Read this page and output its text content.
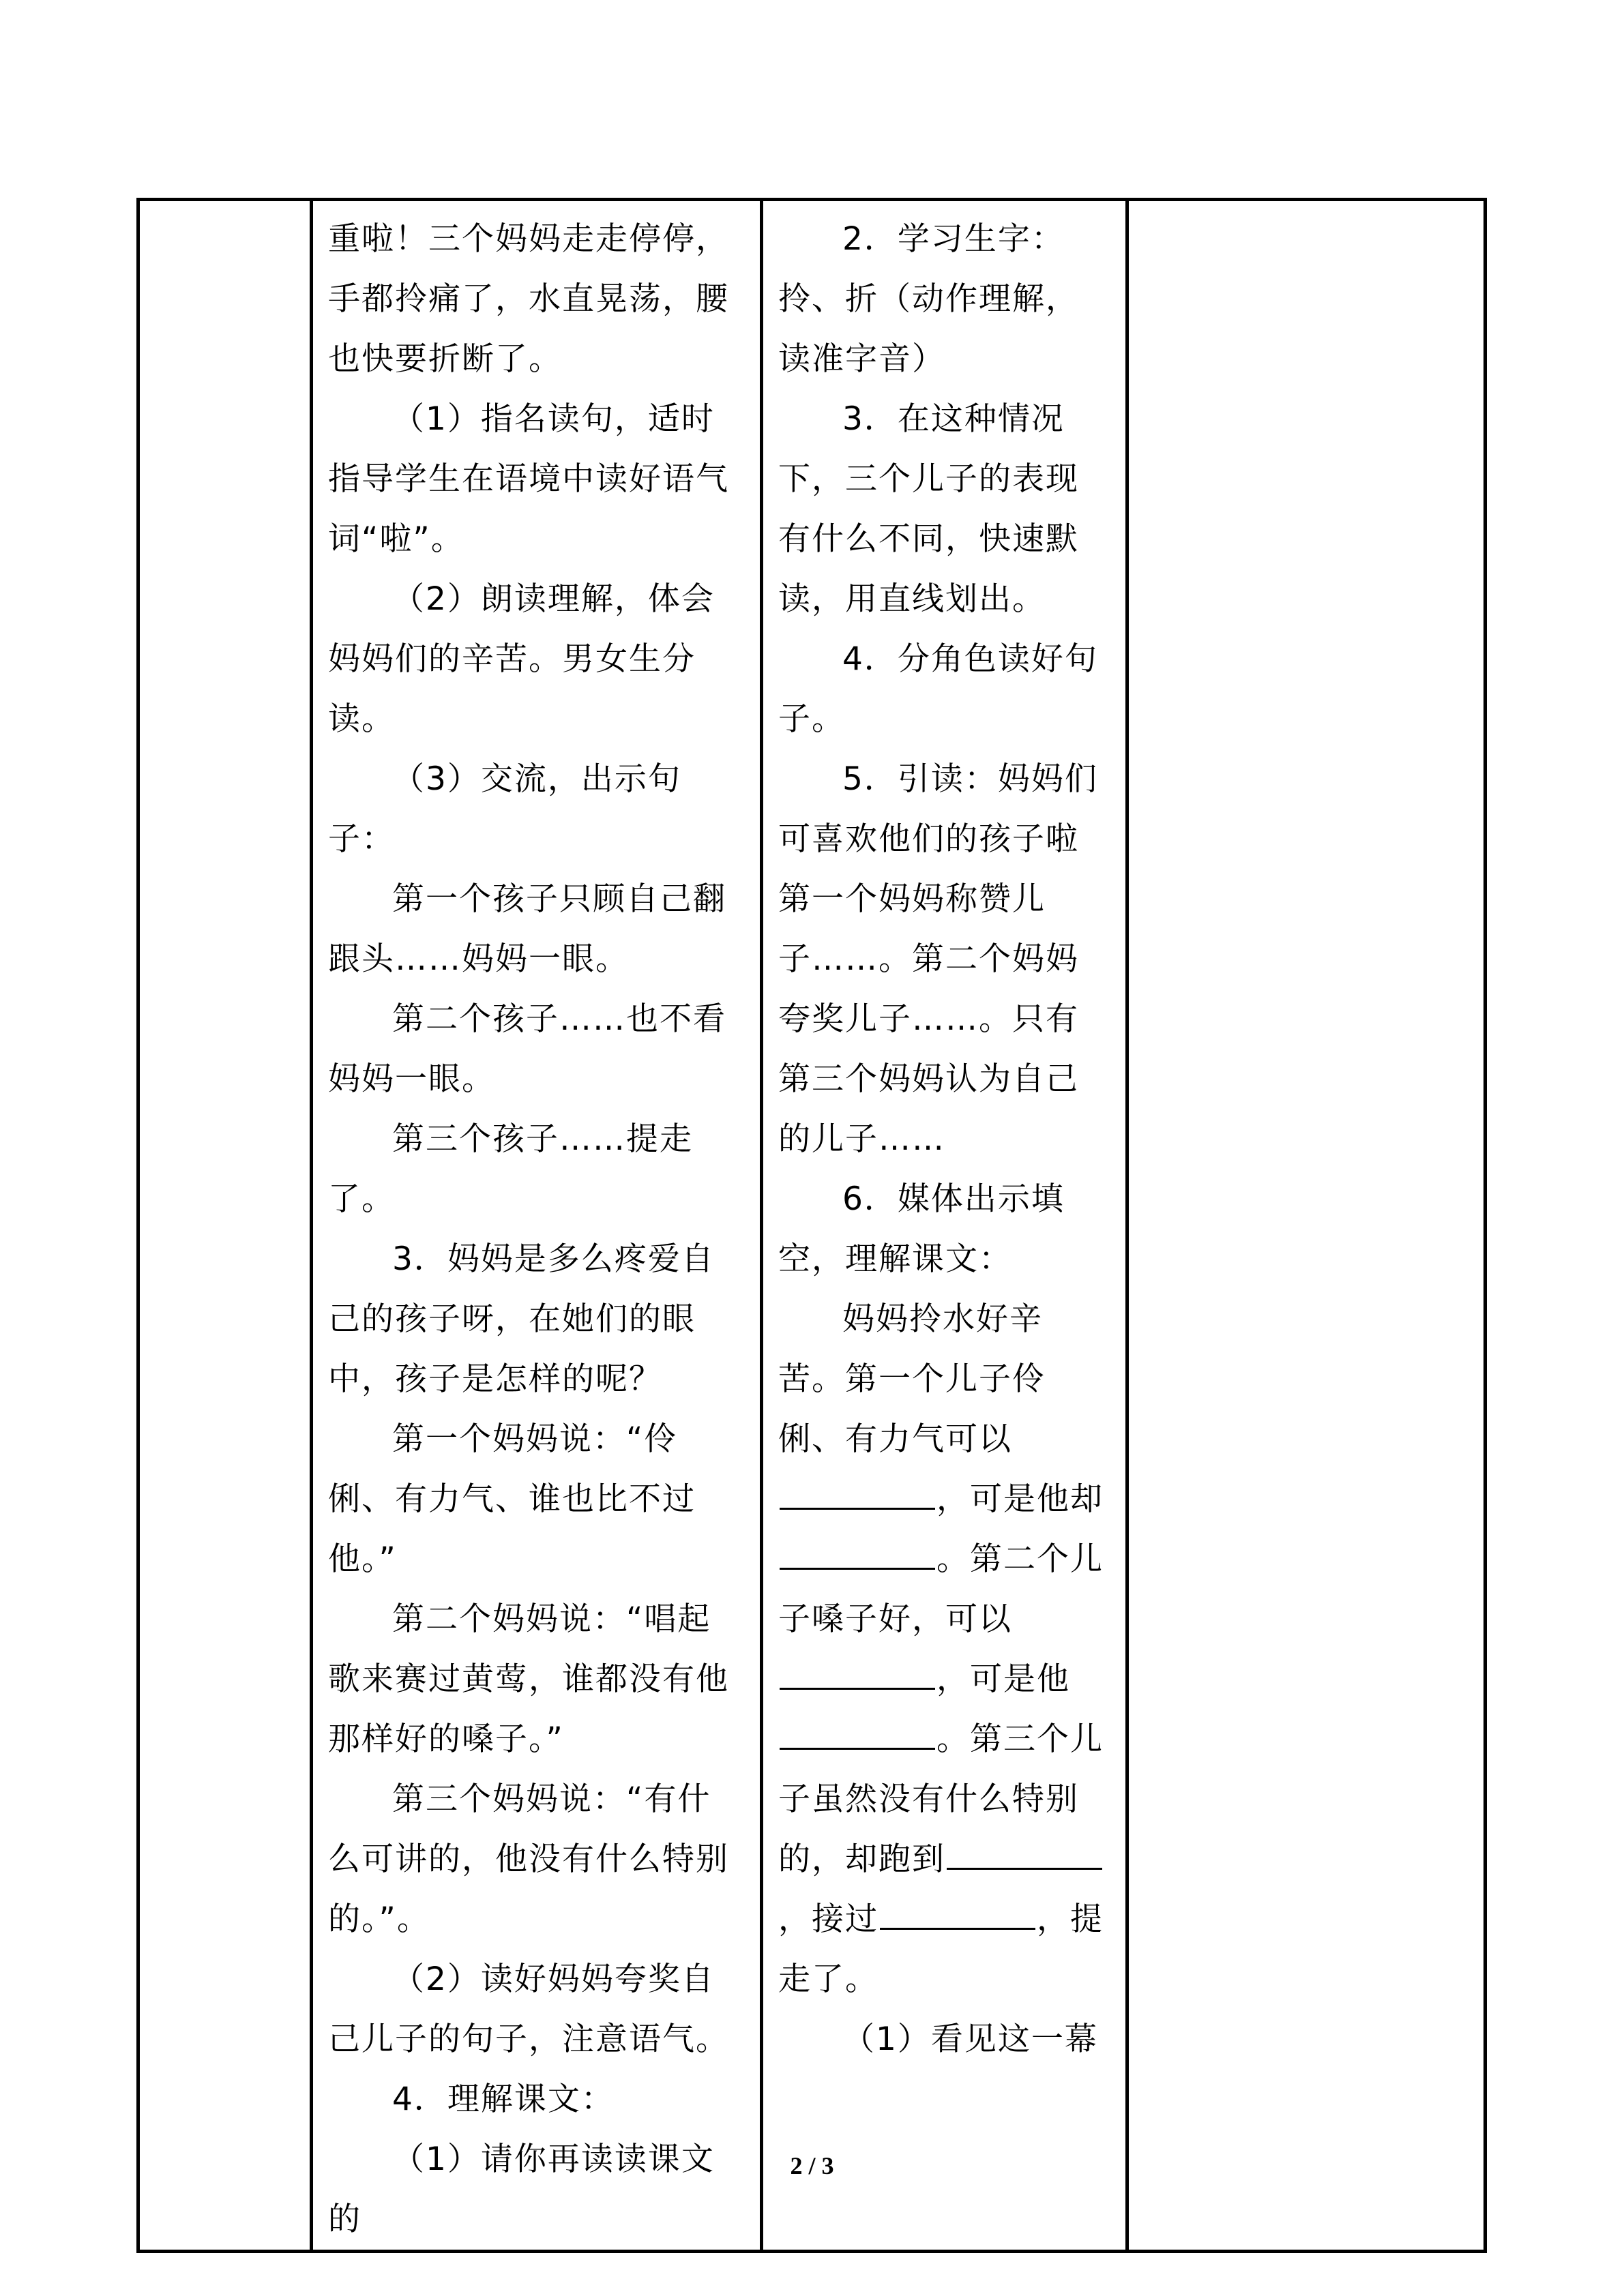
重啦！三个妈妈走走停停，手都拎痛了，水直晃荡，腰也快要折断了。

（1）指名读句，适时指导学生在语境中读好语气词“啦”。

（2）朗读理解，体会妈妈们的辛苦。男女生分读。

（3）交流，出示句子：

第一个孩子只顾自己翻跟头……妈妈一眼。

第二个孩子……也不看妈妈一眼。

第三个孩子……提走了。

3．妈妈是多么疼爱自己的孩子呀，在她们的眼中，孩子是怎样的呢？

第一个妈妈说：“伶俐、有力气、谁也比不过他。”

第二个妈妈说：“唱起歌来赛过黄莺，谁都没有他那样好的嗓子。”

第三个妈妈说：“有什么可讲的，他没有什么特别的。”。

（2）读好妈妈夸奖自己儿子的句子，注意语气。

4．理解课文：

（1）请你再读读课文的

2．学习生字：

拎、折（动作理解，读准字音）

3．在这种情况下，三个儿子的表现有什么不同，快速默读，用直线划出。

4．分角色读好句子。

5．引读：妈妈们可喜欢他们的孩子啦第一个妈妈称赞儿子……。第二个妈妈夸奖儿子……。只有第三个妈妈认为自己的儿子……

6．媒体出示填空，理解课文：

妈妈拎水好辛苦。第一个儿子伶俐、有力气可以，可是他却。第二个儿子嗓子好，可以，可是他。第三个儿子虽然没有什么特别的，却跑到，接过	，提走了。

（1）看见这一幕

2 / 3
